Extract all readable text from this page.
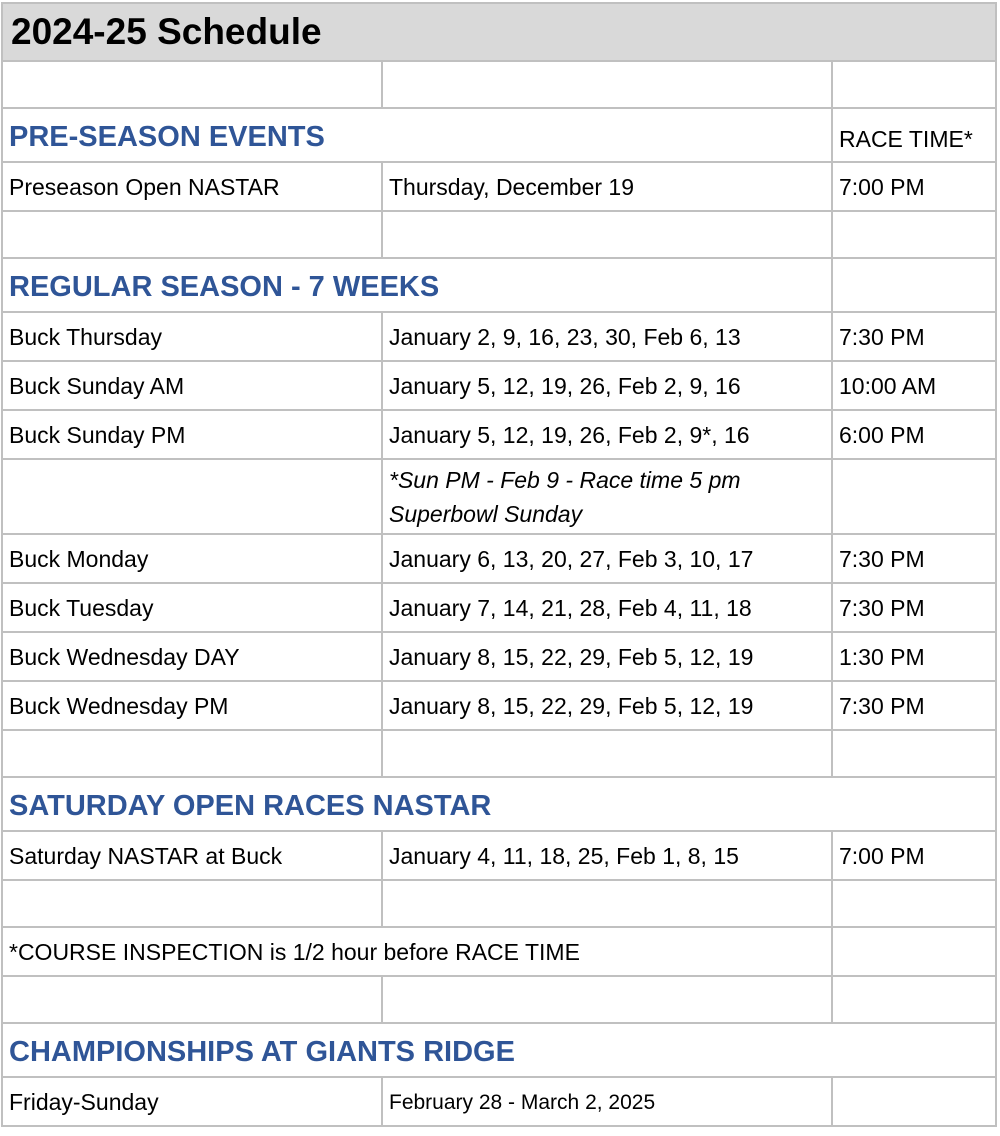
2024-25 Schedule		

PRE-SEASON EVENTS		RACE TIME*
Preseason Open NASTAR	Thursday, December 19	7:00 PM

REGULAR SEASON - 7 WEEKS		
Buck Thursday	January 2, 9, 16, 23, 30, Feb 6, 13	7:30 PM
Buck Sunday AM	January 5, 12, 19, 26, Feb 2, 9, 16	10:00 AM
Buck Sunday PM	January 5, 12, 19, 26, Feb 2, 9*, 16	6:00 PM
	*Sun PM - Feb 9 - Race time 5 pm
Superbowl Sunday	
Buck Monday	January 6, 13, 20, 27, Feb 3, 10, 17	7:30 PM
Buck Tuesday	January 7, 14, 21, 28, Feb 4, 11, 18	7:30 PM
Buck Wednesday DAY	January 8, 15, 22, 29, Feb 5, 12, 19	1:30 PM
Buck Wednesday PM	January 8, 15, 22, 29, Feb 5, 12, 19	7:30 PM

SATURDAY OPEN RACES NASTAR		
Saturday NASTAR at Buck	January 4, 11, 18, 25, Feb 1, 8, 15	7:00 PM

*COURSE INSPECTION is 1/2 hour before RACE TIME		

CHAMPIONSHIPS AT GIANTS RIDGE		
Friday-Sunday	February 28 - March 2, 2025	
